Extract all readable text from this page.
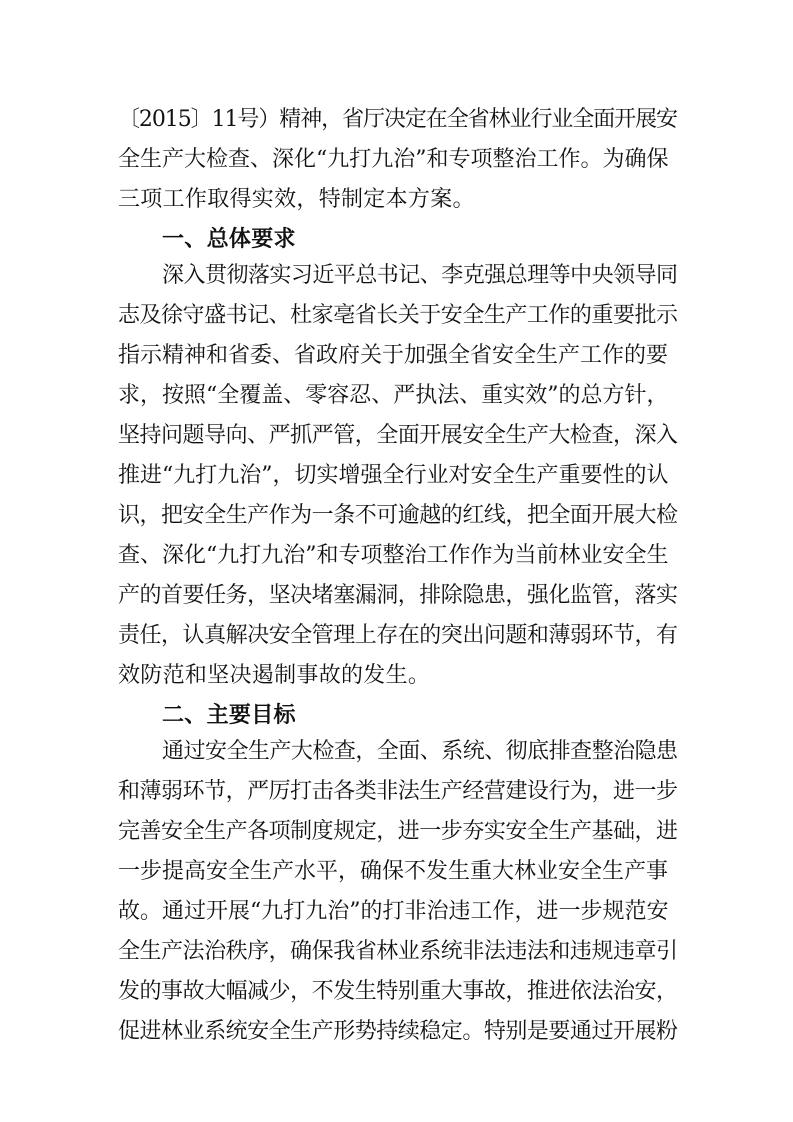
〔2015〕11号）精神，省厅决定在全省林业行业全面开展安
全生产大检查、深化“九打九治”和专项整治工作。为确保
三项工作取得实效，特制定本方案。
一、总体要求
深入贯彻落实习近平总书记、李克强总理等中央领导同
志及徐守盛书记、杜家亳省长关于安全生产工作的重要批示
指示精神和省委、省政府关于加强全省安全生产工作的要
求，按照“全覆盖、零容忍、严执法、重实效”的总方针，
坚持问题导向、严抓严管，全面开展安全生产大检查，深入
推进“九打九治”，切实增强全行业对安全生产重要性的认
识，把安全生产作为一条不可逾越的红线，把全面开展大检
查、深化“九打九治”和专项整治工作作为当前林业安全生
产的首要任务，坚决堵塞漏洞，排除隐患，强化监管，落实
责任，认真解决安全管理上存在的突出问题和薄弱环节，有
效防范和坚决遏制事故的发生。
二、主要目标
通过安全生产大检查，全面、系统、彻底排查整治隐患
和薄弱环节，严厉打击各类非法生产经营建设行为，进一步
完善安全生产各项制度规定，进一步夯实安全生产基础，进
一步提高安全生产水平，确保不发生重大林业安全生产事
故。通过开展“九打九治”的打非治违工作，进一步规范安
全生产法治秩序，确保我省林业系统非法违法和违规违章引
发的事故大幅减少，不发生特别重大事故，推进依法治安，
促进林业系统安全生产形势持续稳定。特别是要通过开展粉
